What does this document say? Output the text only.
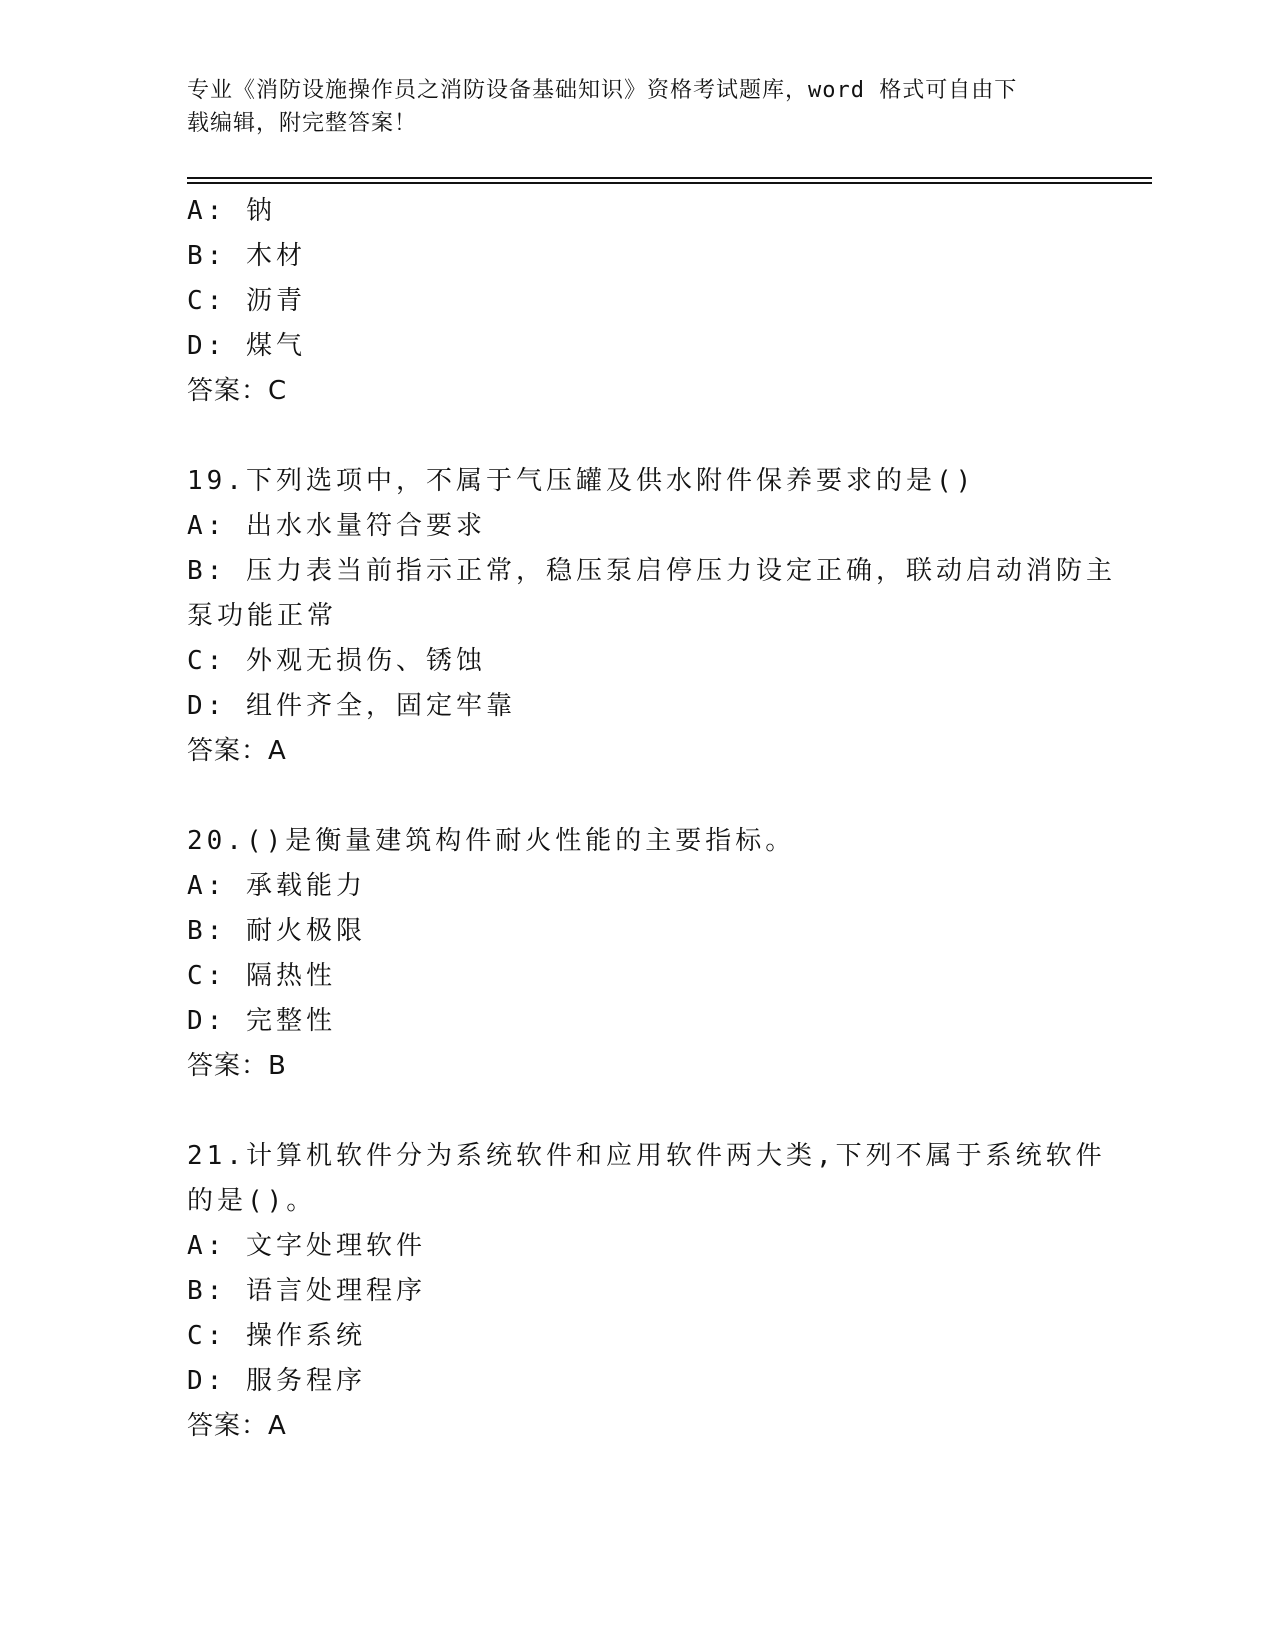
专业《消防设施操作员之消防设备基础知识》资格考试题库，word 格式可自由下
载编辑，附完整答案！
A: 钠
B: 木材
C: 沥青
D: 煤气
答案：C
19.下列选项中，不属于气压罐及供水附件保养要求的是()
A: 出水水量符合要求
B: 压力表当前指示正常，稳压泵启停压力设定正确，联动启动消防主
泵功能正常
C: 外观无损伤、锈蚀
D: 组件齐全，固定牢靠
答案：A
20.()是衡量建筑构件耐火性能的主要指标。
A: 承载能力
B: 耐火极限
C: 隔热性
D: 完整性
答案：B
21.计算机软件分为系统软件和应用软件两大类,下列不属于系统软件
的是()。
A: 文字处理软件
B: 语言处理程序
C: 操作系统
D: 服务程序
答案：A
